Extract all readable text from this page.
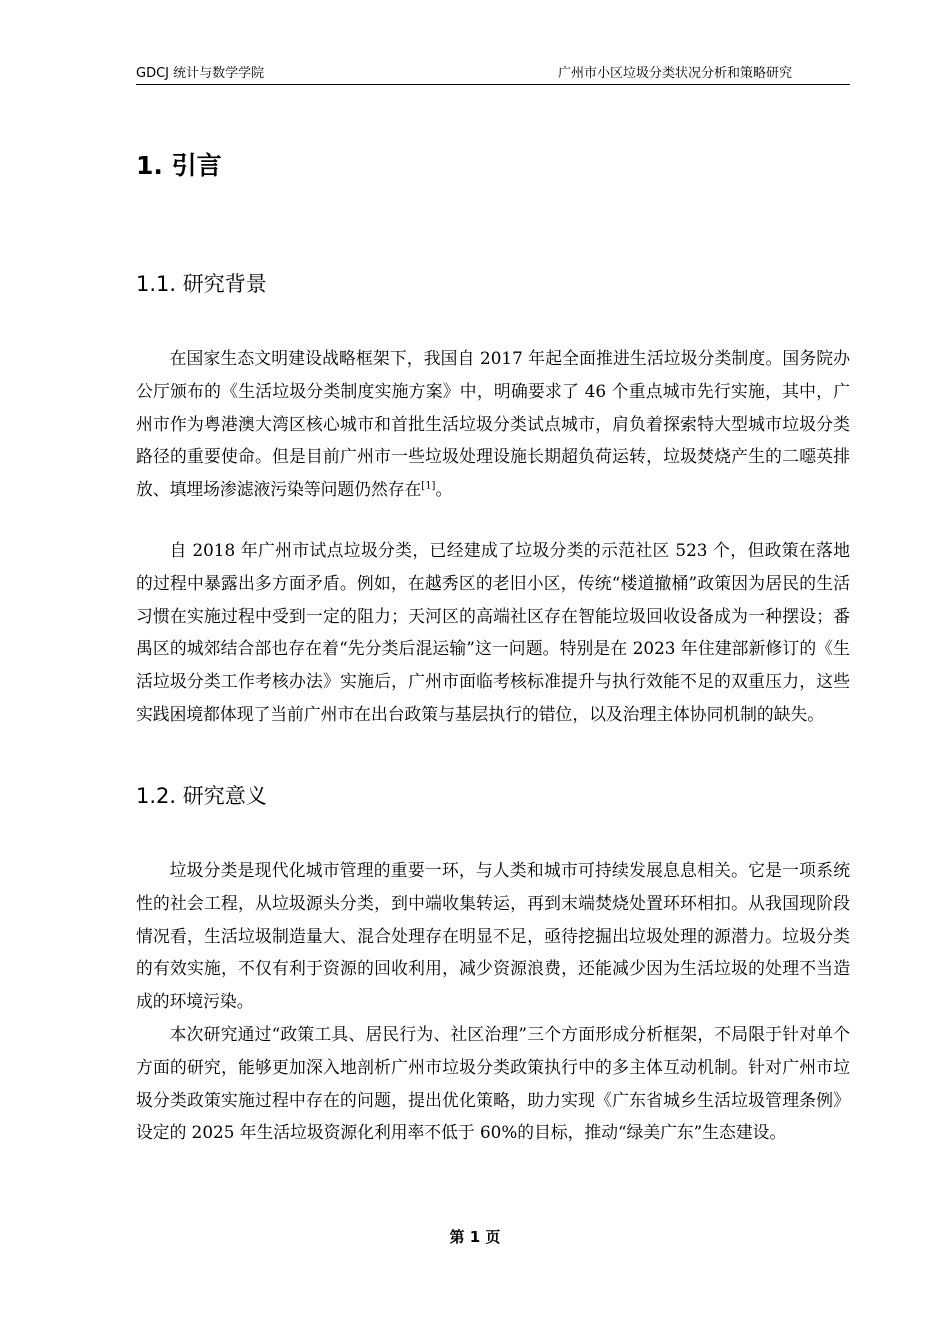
GDCJ 统计与数学学院	广州市小区垃圾分类状况分析和策略研究
1. 引言
1.1. 研究背景

在国家生态文明建设战略框架下，我国自 2017 年起全面推进生活垃圾分类制度。国务院办公厅颁布的《生活垃圾分类制度实施方案》中，明确要求了 46 个重点城市先行实施，其中，广州市作为粤港澳大湾区核心城市和首批生活垃圾分类试点城市，肩负着探索特大型城市垃圾分类路径的重要使命。但是目前广州市一些垃圾处理设施长期超负荷运转，垃圾焚烧产生的二噁英排放、填埋场渗滤液污染等问题仍然存在[1]。

自 2018 年广州市试点垃圾分类，已经建成了垃圾分类的示范社区 523 个，但政策在落地的过程中暴露出多方面矛盾。例如，在越秀区的老旧小区，传统“楼道撤桶”政策因为居民的生活习惯在实施过程中受到一定的阻力；天河区的高端社区存在智能垃圾回收设备成为一种摆设；番禺区的城郊结合部也存在着“先分类后混运输”这一问题。特别是在 2023 年住建部新修订的《生活垃圾分类工作考核办法》实施后，广州市面临考核标准提升与执行效能不足的双重压力，这些实践困境都体现了当前广州市在出台政策与基层执行的错位，以及治理主体协同机制的缺失。

1.2. 研究意义

垃圾分类是现代化城市管理的重要一环，与人类和城市可持续发展息息相关。它是一项系统性的社会工程，从垃圾源头分类，到中端收集转运，再到末端焚烧处置环环相扣。从我国现阶段情况看，生活垃圾制造量大、混合处理存在明显不足，亟待挖掘出垃圾处理的源潜力。垃圾分类的有效实施，不仅有利于资源的回收利用，减少资源浪费，还能减少因为生活垃圾的处理不当造成的环境污染。

本次研究通过“政策工具、居民行为、社区治理”三个方面形成分析框架，不局限于针对单个方面的研究，能够更加深入地剖析广州市垃圾分类政策执行中的多主体互动机制。针对广州市垃圾分类政策实施过程中存在的问题，提出优化策略，助力实现《广东省城乡生活垃圾管理条例》设定的 2025 年生活垃圾资源化利用率不低于 60%的目标，推动“绿美广东”生态建设。

第 1 页
